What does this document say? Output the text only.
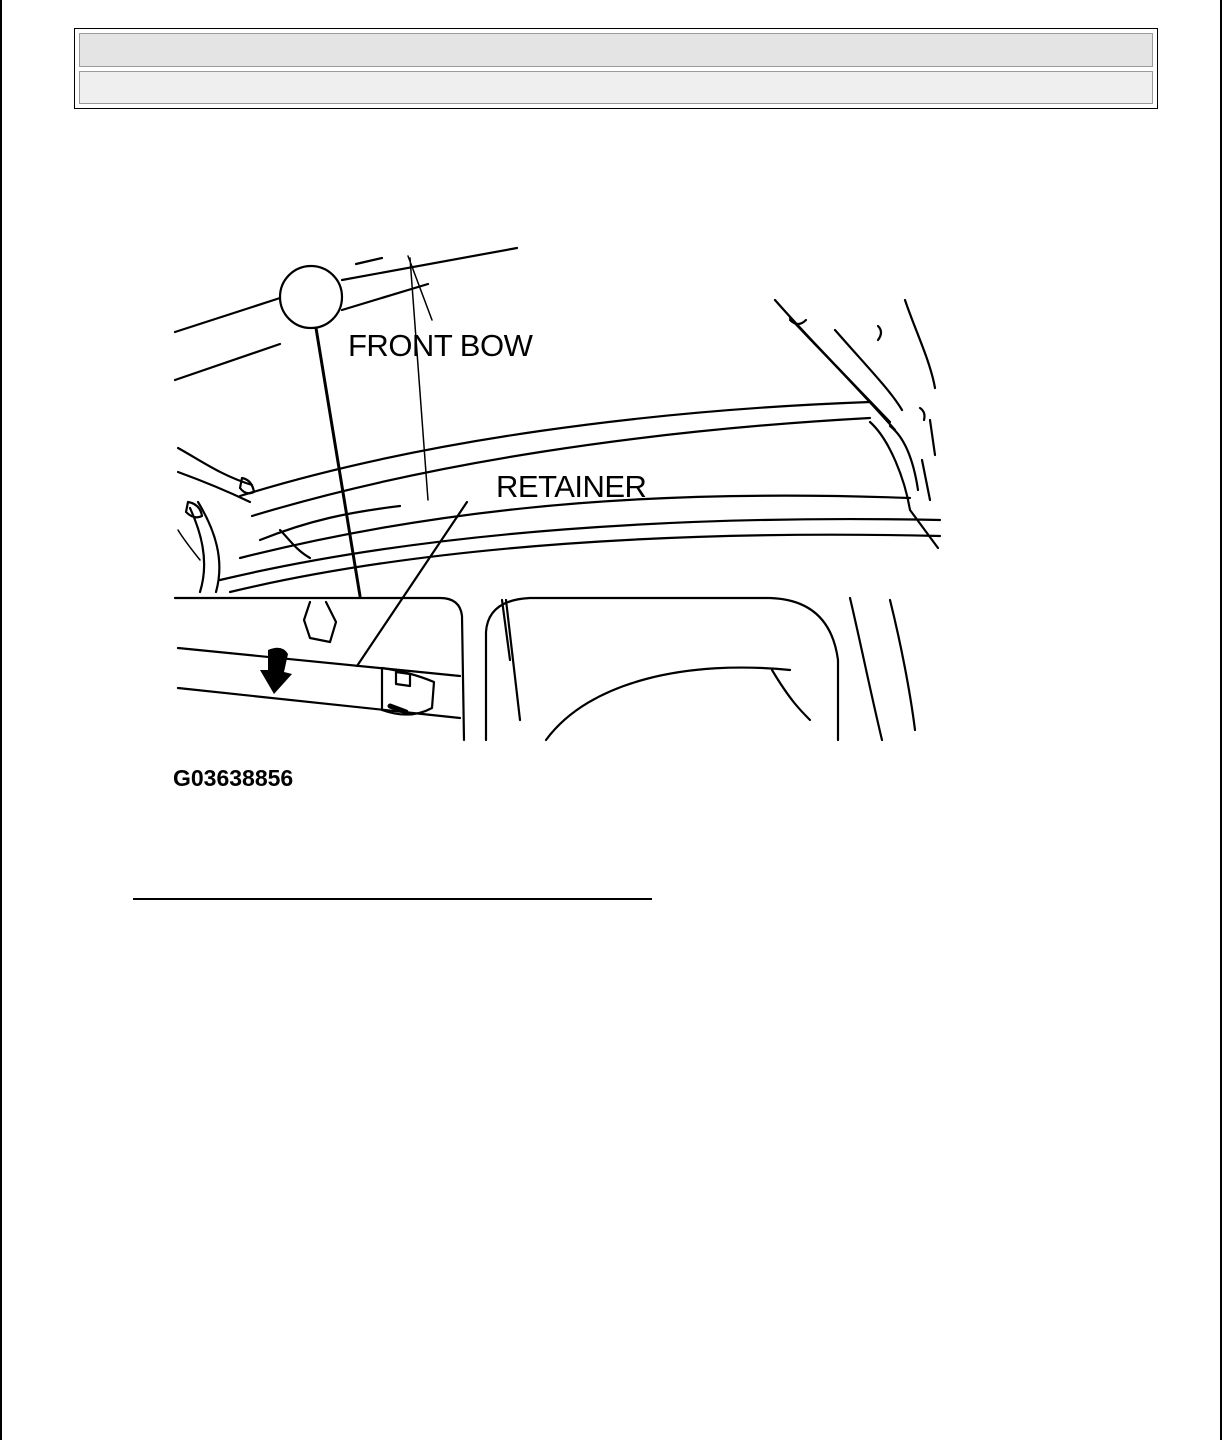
FRONT BOW
RETAINER
G03638856
